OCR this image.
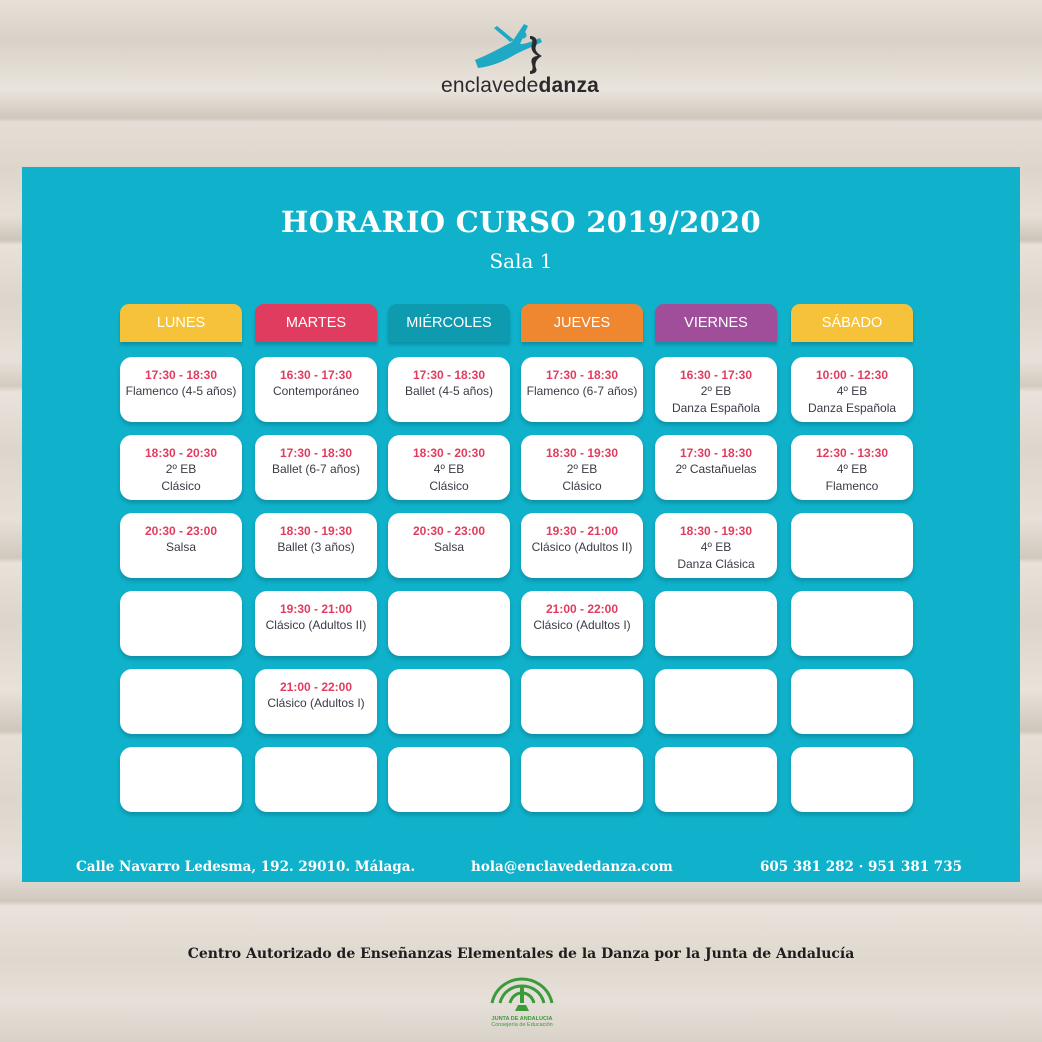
enclavededanza
HORARIO CURSO 2019/2020
Sala 1
LUNES
17:30 - 18:30
Flamenco (4-5 años)
18:30 - 20:30
2º EB
Clásico
20:30 - 23:00
Salsa
MARTES
16:30 - 17:30
Contemporáneo
17:30 - 18:30
Ballet (6-7 años)
18:30 - 19:30
Ballet (3 años)
19:30 - 21:00
Clásico (Adultos II)
21:00 - 22:00
Clásico (Adultos I)
MIÉRCOLES
17:30 - 18:30
Ballet (4-5 años)
18:30 - 20:30
4º EB
Clásico
20:30 - 23:00
Salsa
JUEVES
17:30 - 18:30
Flamenco (6-7 años)
18:30 - 19:30
2º EB
Clásico
19:30 - 21:00
Clásico (Adultos II)
21:00 - 22:00
Clásico (Adultos I)
VIERNES
16:30 - 17:30
2º EB
Danza Española
17:30 - 18:30
2º Castañuelas
18:30 - 19:30
4º EB
Danza Clásica
SÁBADO
10:00 - 12:30
4º EB
Danza Española
12:30 - 13:30
4º EB
Flamenco
Calle Navarro Ledesma, 192. 29010. Málaga.	hola@enclavededanza.com	605 381 282 · 951 381 735
Centro Autorizado de Enseñanzas Elementales de la Danza por la Junta de Andalucía
JUNTA DE ANDALUCIA
Consejería de Educación
